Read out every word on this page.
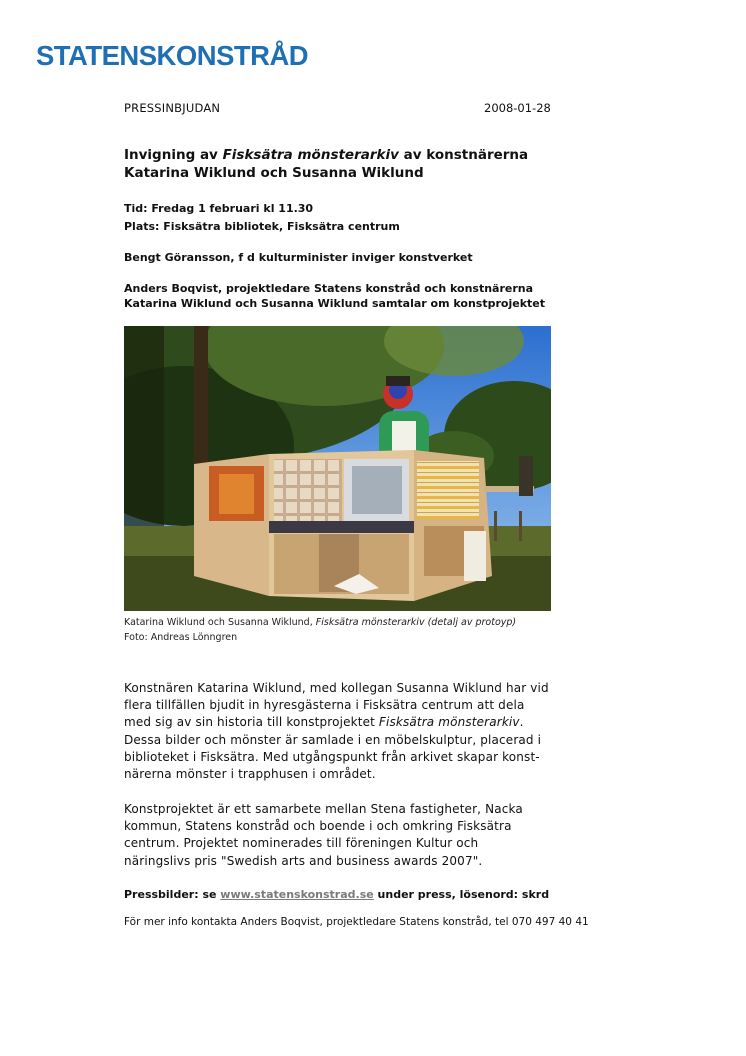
STATENSKONSTRÅD
PRESSINBJUDAN	2008-01-28
Invigning av Fisksätra mönsterarkiv av konstnärerna
Katarina Wiklund och Susanna Wiklund
Tid: Fredag 1 februari kl 11.30
Plats: Fisksätra bibliotek, Fisksätra centrum
Bengt Göransson, f d kulturminister inviger konstverket
Anders Boqvist, projektledare Statens konstråd och konstnärerna
Katarina Wiklund och Susanna Wiklund samtalar om konstprojektet
Katarina Wiklund och Susanna Wiklund, Fisksätra mönsterarkiv (detalj av protoyp)
Foto: Andreas Lönngren
Konstnären Katarina Wiklund, med kollegan Susanna Wiklund har vid
flera tillfällen bjudit in hyresgästerna i Fisksätra centrum att dela
med sig av sin historia till konstprojektet Fisksätra mönsterarkiv.
Dessa bilder och mönster är samlade i en möbelskulptur, placerad i
biblioteket i Fisksätra. Med utgångspunkt från arkivet skapar konst-
närerna mönster i trapphusen i området.
Konstprojektet är ett samarbete mellan Stena fastigheter, Nacka
kommun, Statens konstråd och boende i och omkring Fisksätra
centrum. Projektet nominerades till föreningen Kultur och
näringslivs pris "Swedish arts and business awards 2007".
Pressbilder: se www.statenskonstrad.se under press, lösenord: skrd
För mer info kontakta Anders Boqvist, projektledare Statens konstråd, tel 070 497 40 41
